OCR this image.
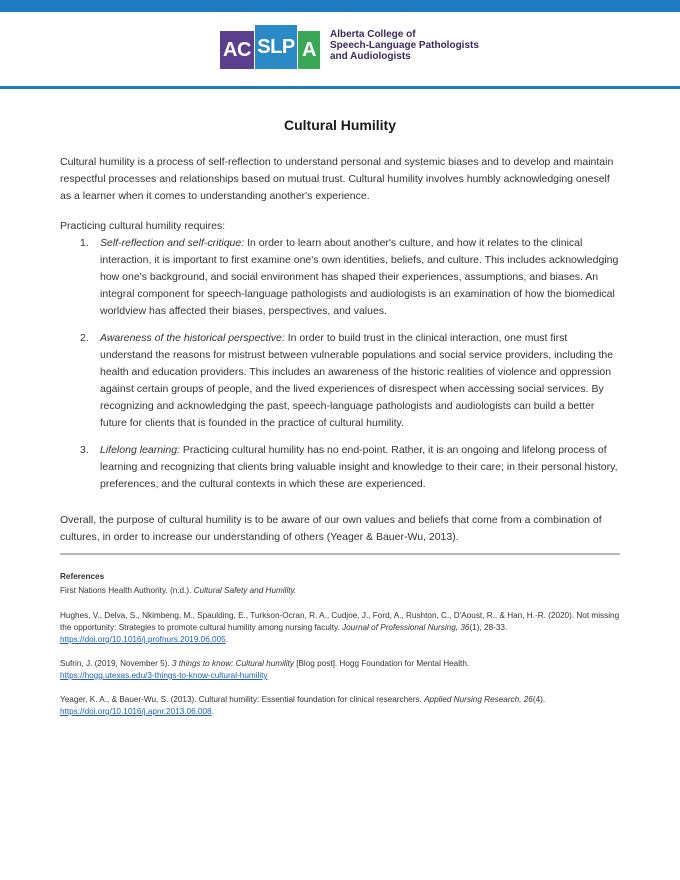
AC SLP A
Alberta College of
Speech-Language Pathologists
and Audiologists
Cultural Humility
Cultural humility is a process of self-reflection to understand personal and systemic biases and to develop and maintain respectful processes and relationships based on mutual trust. Cultural humility involves humbly acknowledging oneself as a learner when it comes to understanding another's experience.
Practicing cultural humility requires:
1. Self-reflection and self-critique: In order to learn about another's culture, and how it relates to the clinical interaction, it is important to first examine one's own identities, beliefs, and culture. This includes acknowledging how one's background, and social environment has shaped their experiences, assumptions, and biases. An integral component for speech-language pathologists and audiologists is an examination of how the biomedical worldview has affected their biases, perspectives, and values.
2. Awareness of the historical perspective: In order to build trust in the clinical interaction, one must first understand the reasons for mistrust between vulnerable populations and social service providers, including the health and education providers. This includes an awareness of the historic realities of violence and oppression against certain groups of people, and the lived experiences of disrespect when accessing social services. By recognizing and acknowledging the past, speech-language pathologists and audiologists can build a better future for clients that is founded in the practice of cultural humility.
3. Lifelong learning: Practicing cultural humility has no end-point. Rather, it is an ongoing and lifelong process of learning and recognizing that clients bring valuable insight and knowledge to their care; in their personal history, preferences, and the cultural contexts in which these are experienced.
Overall, the purpose of cultural humility is to be aware of our own values and beliefs that come from a combination of cultures, in order to increase our understanding of others (Yeager & Bauer-Wu, 2013).
References
First Nations Health Authority. (n.d.). Cultural Safety and Humility.
Hughes, V., Delva, S., Nkimbeng, M., Spaulding, E., Turkson-Ocran, R. A., Cudjoe, J., Ford, A., Rushton, C., D'Aoust, R., & Han, H.-R. (2020). Not missing the opportunity: Strategies to promote cultural humility among nursing faculty. Journal of Professional Nursing, 36(1), 28-33. https://doi.org/10.1016/j.profnurs.2019.06.005.
Sufrin, J. (2019, November 5). 3 things to know: Cultural humility [Blog post]. Hogg Foundation for Mental Health.
https://hogg.utexas.edu/3-things-to-know-cultural-humility
Yeager, K. A., & Bauer-Wu, S. (2013). Cultural humility: Essential foundation for clinical researchers. Applied Nursing Research, 26(4).
https://doi.org/10.1016/j.apnr.2013.06.008.
